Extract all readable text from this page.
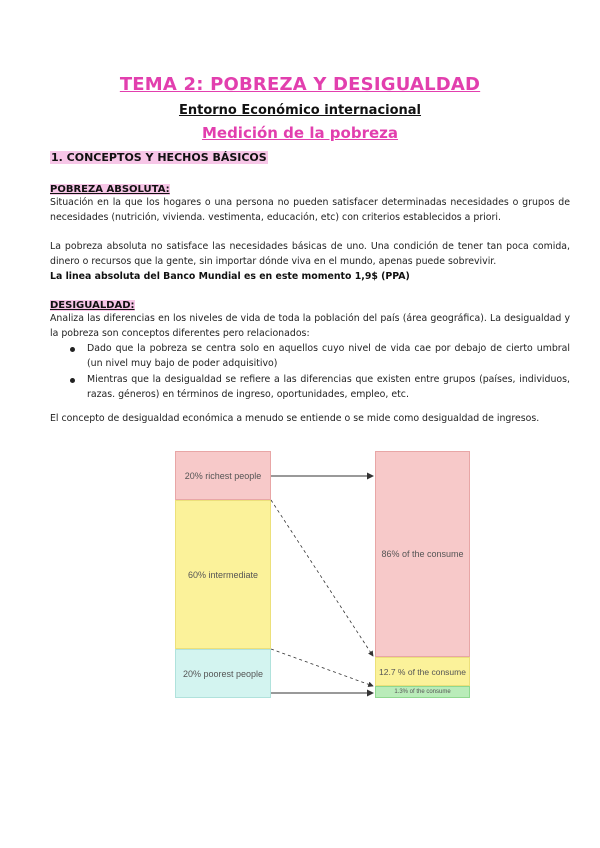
TEMA 2: POBREZA Y DESIGUALDAD
Entorno Económico internacional
Medición de la pobreza
1. CONCEPTOS Y HECHOS BÁSICOS
POBREZA ABSOLUTA:
Situación en la que los hogares o una persona no pueden satisfacer determinadas necesidades o grupos de necesidades (nutrición, vivienda. vestimenta, educación, etc) con criterios establecidos a priori.
La pobreza absoluta no satisface las necesidades básicas de uno. Una condición de tener tan poca comida, dinero o recursos que la gente, sin importar dónde viva en el mundo, apenas puede sobrevivir.
La linea absoluta del Banco Mundial es en este momento 1,9$ (PPA)
DESIGUALDAD:
Analiza las diferencias en los niveles de vida de toda la población del país (área geográfica). La desigualdad y la pobreza son conceptos diferentes pero relacionados:
Dado que la pobreza se centra solo en aquellos cuyo nivel de vida cae por debajo de cierto umbral (un nivel muy bajo de poder adquisitivo)
Mientras que la desigualdad se refiere a las diferencias que existen entre grupos (países, individuos, razas. géneros) en términos de ingreso, oportunidades, empleo, etc.
El concepto de desigualdad económica a menudo se entiende o se mide como desigualdad de ingresos.
20% richest people
60% intermediate
20% poorest people
86% of the consume
12.7 % of the consume
1.3% of the consume
